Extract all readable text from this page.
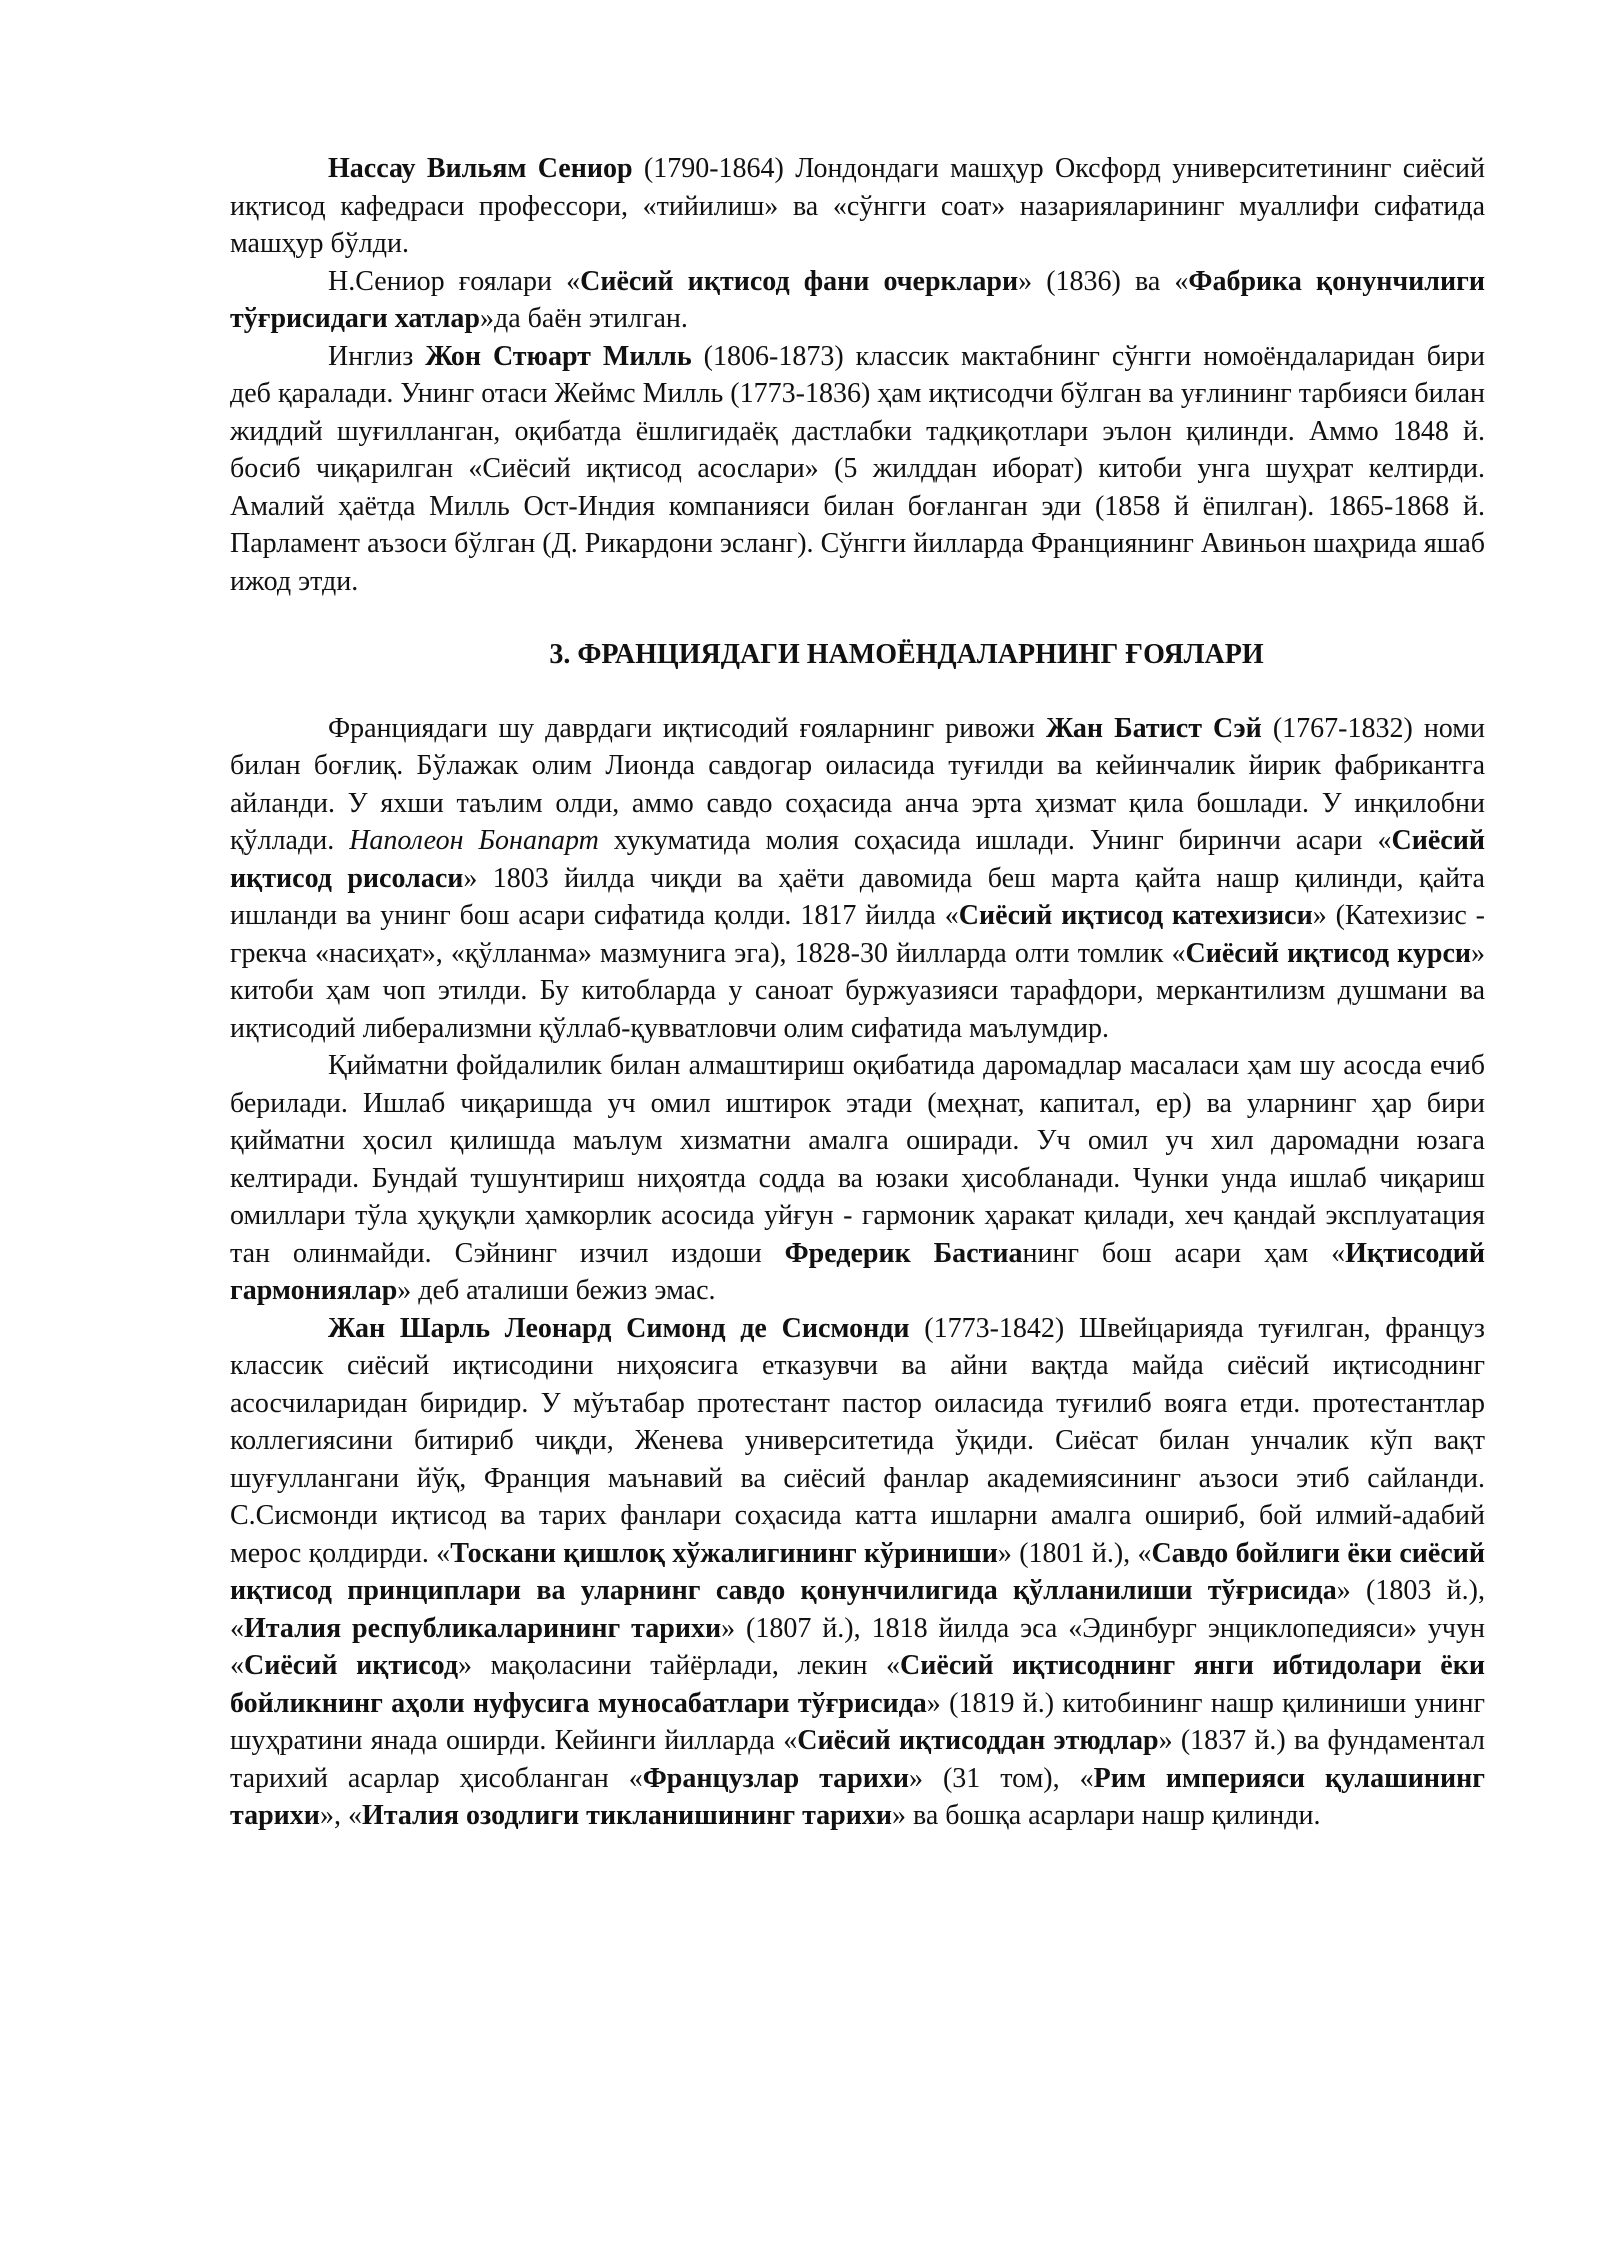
Нассау Вильям Сениор (1790-1864) Лондондаги машҳур Оксфорд университетининг сиёсий иқтисод кафедраси профессори, «тийилиш» ва «сўнгги соат» назарияларининг муаллифи сифатида машҳур бўлди.

Н.Сениор ғоялари «Сиёсий иқтисод фани очерклари» (1836) ва «Фабрика қонунчилиги тўғрисидаги хатлар»да баён этилган.

Инглиз Жон Стюарт Милль (1806-1873) классик мактабнинг сўнгги номоёндаларидан бири деб қаралади. Унинг отаси Жеймс Милль (1773-1836) ҳам иқтисодчи бўлган ва уғлининг тарбияси билан жиддий шуғилланган, оқибатда ёшлигидаёқ дастлабки тадқиқотлари эълон қилинди. Аммо 1848 й. босиб чиқарилган «Сиёсий иқтисод асослари» (5 жилддан иборат) китоби унга шуҳрат келтирди. Амалий ҳаётда Милль Ост-Индия компанияси билан боғланган эди (1858 й ёпилган). 1865-1868 й. Парламент аъзоси бўлган (Д. Рикардони эсланг). Сўнгги йилларда Франциянинг Авиньон шаҳрида яшаб ижод этди.

3. ФРАНЦИЯДАГИ НАМОЁНДАЛАРНИНГ ҒОЯЛАРИ

Франциядаги шу даврдаги иқтисодий ғояларнинг ривожи Жан Батист Сэй (1767-1832) номи билан боғлиқ. Бўлажак олим Лионда савдогар оиласида туғилди ва кейинчалик йирик фабрикантга айланди. У яхши таълим олди, аммо савдо соҳасида анча эрта ҳизмат қила бошлади. У инқилобни қўллади. Наполеон Бонапарт хукуматида молия соҳасида ишлади. Унинг биринчи асари «Сиёсий иқтисод рисоласи» 1803 йилда чиқди ва ҳаёти давомида беш марта қайта нашр қилинди, қайта ишланди ва унинг бош асари сифатида қолди. 1817 йилда «Сиёсий иқтисод катехизиси» (Катехизис - грекча «насиҳат», «қўлланма» мазмунига эга), 1828-30 йилларда олти томлик «Сиёсий иқтисод курси» китоби ҳам чоп этилди. Бу китобларда у саноат буржуазияси тарафдори, меркантилизм душмани ва иқтисодий либерализмни қўллаб-қувватловчи олим сифатида маълумдир.

Қийматни фойдалилик билан алмаштириш оқибатида даромадлар масаласи ҳам шу асосда ечиб берилади. Ишлаб чиқаришда уч омил иштирок этади (меҳнат, капитал, ер) ва уларнинг ҳар бири қийматни ҳосил қилишда маълум хизматни амалга оширади. Уч омил уч хил даромадни юзага келтиради. Бундай тушунтириш ниҳоятда содда ва юзаки ҳисобланади. Чунки унда ишлаб чиқариш омиллари тўла ҳуқуқли ҳамкорлик асосида уйғун - гармоник ҳаракат қилади, хеч қандай эксплуатация тан олинмайди. Сэйнинг изчил издоши Фредерик Бастианинг бош асари ҳам «Иқтисодий гармониялар» деб аталиши бежиз эмас.

Жан Шарль Леонард Симонд де Сисмонди (1773-1842) Швейцарияда туғилган, француз классик сиёсий иқтисодини ниҳоясига етказувчи ва айни вақтда майда сиёсий иқтисоднинг асосчиларидан биридир. У мўътабар протестант пастор оиласида туғилиб вояга етди. протестантлар коллегиясини битириб чиқди, Женева университетида ўқиди. Сиёсат билан унчалик кўп вақт шуғуллангани йўқ, Франция маънавий ва сиёсий фанлар академиясининг аъзоси этиб сайланди. С.Сисмонди иқтисод ва тарих фанлари соҳасида катта ишларни амалга ошириб, бой илмий-адабий мерос қолдирди. «Тоскани қишлоқ хўжалигининг кўриниши» (1801 й.), «Савдо бойлиги ёки сиёсий иқтисод принциплари ва уларнинг савдо қонунчилигида қўлланилиши тўғрисида» (1803 й.), «Италия республикаларининг тарихи» (1807 й.), 1818 йилда эса «Эдинбург энциклопедияси» учун «Сиёсий иқтисод» мақоласини тайёрлади, лекин «Сиёсий иқтисоднинг янги ибтидолари ёки бойликнинг аҳоли нуфусига муносабатлари тўғрисида» (1819 й.) китобининг нашр қилиниши унинг шуҳратини янада оширди. Кейинги йилларда «Сиёсий иқтисоддан этюдлар» (1837 й.) ва фундаментал тарихий асарлар ҳисобланган «Французлар тарихи» (31 том), «Рим империяси қулашининг тарихи», «Италия озодлиги тикланишининг тарихи» ва бошқа асарлари нашр қилинди.
